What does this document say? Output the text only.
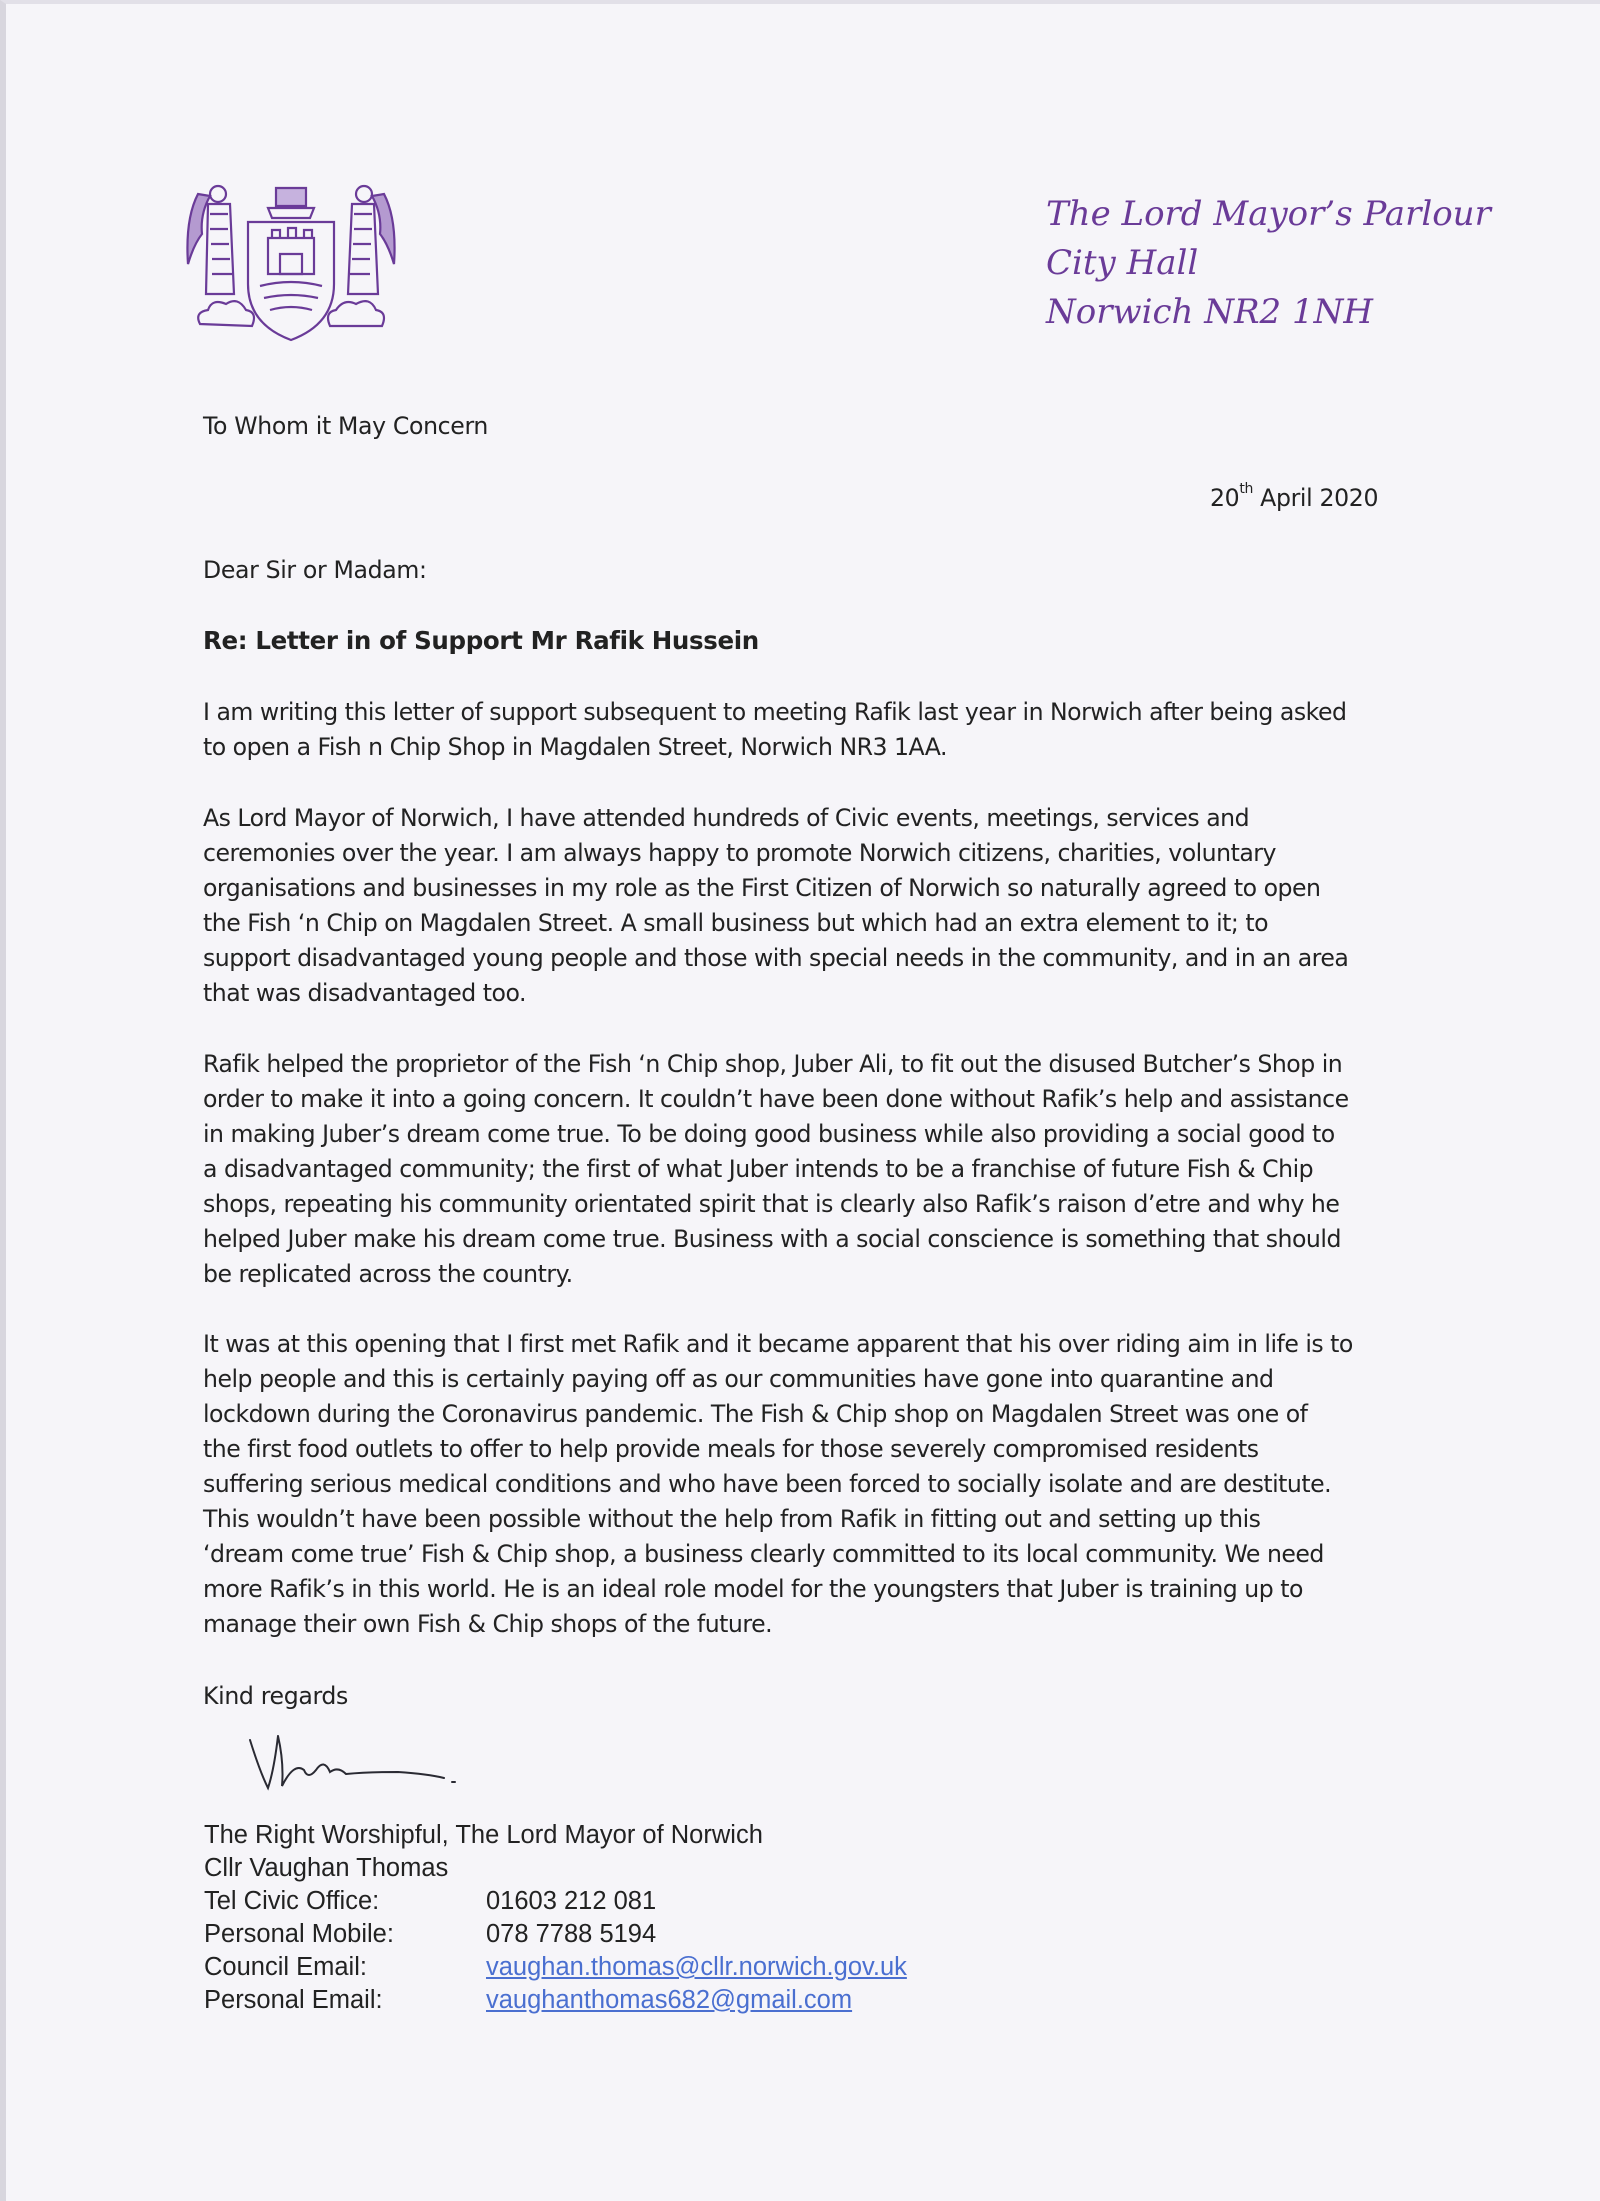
The Lord Mayor’s Parlour
City Hall
Norwich NR2 1NH
To Whom it May Concern
20th April 2020
Dear Sir or Madam:
Re: Letter in of Support Mr Rafik Hussein
I am writing this letter of support subsequent to meeting Rafik last year in Norwich after being asked
to open a Fish n Chip Shop in Magdalen Street, Norwich NR3 1AA.
As Lord Mayor of Norwich, I have attended hundreds of Civic events, meetings, services and
ceremonies over the year. I am always happy to promote Norwich citizens, charities, voluntary
organisations and businesses in my role as the First Citizen of Norwich so naturally agreed to open
the Fish ‘n Chip on Magdalen Street. A small business but which had an extra element to it; to
support disadvantaged young people and those with special needs in the community, and in an area
that was disadvantaged too.
Rafik helped the proprietor of the Fish ‘n Chip shop, Juber Ali, to fit out the disused Butcher’s Shop in
order to make it into a going concern. It couldn’t have been done without Rafik’s help and assistance
in making Juber’s dream come true. To be doing good business while also providing a social good to
a disadvantaged community; the first of what Juber intends to be a franchise of future Fish & Chip
shops, repeating his community orientated spirit that is clearly also Rafik’s raison d’etre and why he
helped Juber make his dream come true. Business with a social conscience is something that should
be replicated across the country.
It was at this opening that I first met Rafik and it became apparent that his over riding aim in life is to
help people and this is certainly paying off as our communities have gone into quarantine and
lockdown during the Coronavirus pandemic. The Fish & Chip shop on Magdalen Street was one of
the first food outlets to offer to help provide meals for those severely compromised residents
suffering serious medical conditions and who have been forced to socially isolate and are destitute.
This wouldn’t have been possible without the help from Rafik in fitting out and setting up this
‘dream come true’ Fish & Chip shop, a business clearly committed to its local community. We need
more Rafik’s in this world. He is an ideal role model for the youngsters that Juber is training up to
manage their own Fish & Chip shops of the future.
Kind regards
The Right Worshipful, The Lord Mayor of Norwich
Cllr Vaughan Thomas
Tel Civic Office:	01603 212 081
Personal Mobile:	078 7788 5194
Council Email:	vaughan.thomas@cllr.norwich.gov.uk
Personal Email:	vaughanthomas682@gmail.com
